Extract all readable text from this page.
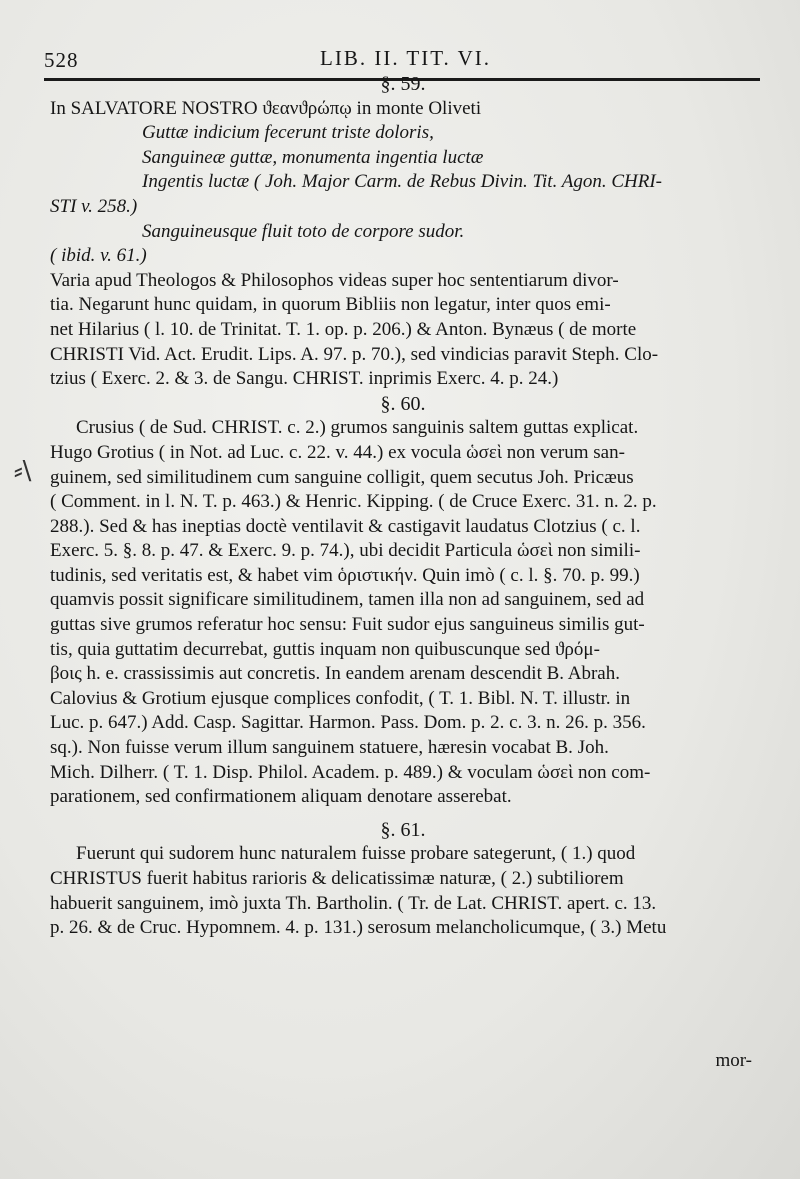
528	LIB. II. TIT. VI.
⸗\
§. 59.
In SALVATORE NOSTRO ϑεανϑρώπῳ in monte Oliveti
Guttæ indicium fecerunt triste doloris,
Sanguineæ guttæ, monumenta ingentia luctæ
Ingentis luctæ ( Joh. Major Carm. de Rebus Divin. Tit. Agon. CHRI-
STI v. 258.)
Sanguineusque fluit toto de corpore sudor.
( ibid. v. 61.)
Varia apud Theologos & Philosophos videas super hoc sententiarum divor-
tia. Negarunt hunc quidam, in quorum Bibliis non legatur, inter quos emi-
net Hilarius ( l. 10. de Trinitat. T. 1. op. p. 206.) & Anton. Bynæus ( de morte
CHRISTI Vid. Act. Erudit. Lips. A. 97. p. 70.), sed vindicias paravit Steph. Clo-
tzius ( Exerc. 2. & 3. de Sangu. CHRIST. inprimis Exerc. 4. p. 24.)
§. 60.
Crusius ( de Sud. CHRIST. c. 2.) grumos sanguinis saltem guttas explicat.
Hugo Grotius ( in Not. ad Luc. c. 22. v. 44.) ex vocula ὡσεὶ non verum san-
guinem, sed similitudinem cum sanguine colligit, quem secutus Joh. Pricæus
( Comment. in l. N. T. p. 463.) & Henric. Kipping. ( de Cruce Exerc. 31. n. 2. p.
288.). Sed & has ineptias doctè ventilavit & castigavit laudatus Clotzius ( c. l.
Exerc. 5. §. 8. p. 47. & Exerc. 9. p. 74.), ubi decidit Particula ὡσεὶ non simili-
tudinis, sed veritatis est, & habet vim ὁριστικήν. Quin imò ( c. l. §. 70. p. 99.)
quamvis possit significare similitudinem, tamen illa non ad sanguinem, sed ad
guttas sive grumos referatur hoc sensu: Fuit sudor ejus sanguineus similis gut-
tis, quia guttatim decurrebat, guttis inquam non quibuscunque sed ϑρόμ-
βοις h. e. crassissimis aut concretis. In eandem arenam descendit B. Abrah.
Calovius & Grotium ejusque complices confodit, ( T. 1. Bibl. N. T. illustr. in
Luc. p. 647.) Add. Casp. Sagittar. Harmon. Pass. Dom. p. 2. c. 3. n. 26. p. 356.
sq.). Non fuisse verum illum sanguinem statuere, hæresin vocabat B. Joh.
Mich. Dilherr. ( T. 1. Disp. Philol. Academ. p. 489.) & voculam ὡσεὶ non com-
parationem, sed confirmationem aliquam denotare asserebat.
§. 61.
Fuerunt qui sudorem hunc naturalem fuisse probare sategerunt, ( 1.) quod
CHRISTUS fuerit habitus rarioris & delicatissimæ naturæ, ( 2.) subtiliorem
habuerit sanguinem, imò juxta Th. Bartholin. ( Tr. de Lat. CHRIST. apert. c. 13.
p. 26. & de Cruc. Hypomnem. 4. p. 131.) serosum melancholicumque, ( 3.) Metu
mor-
